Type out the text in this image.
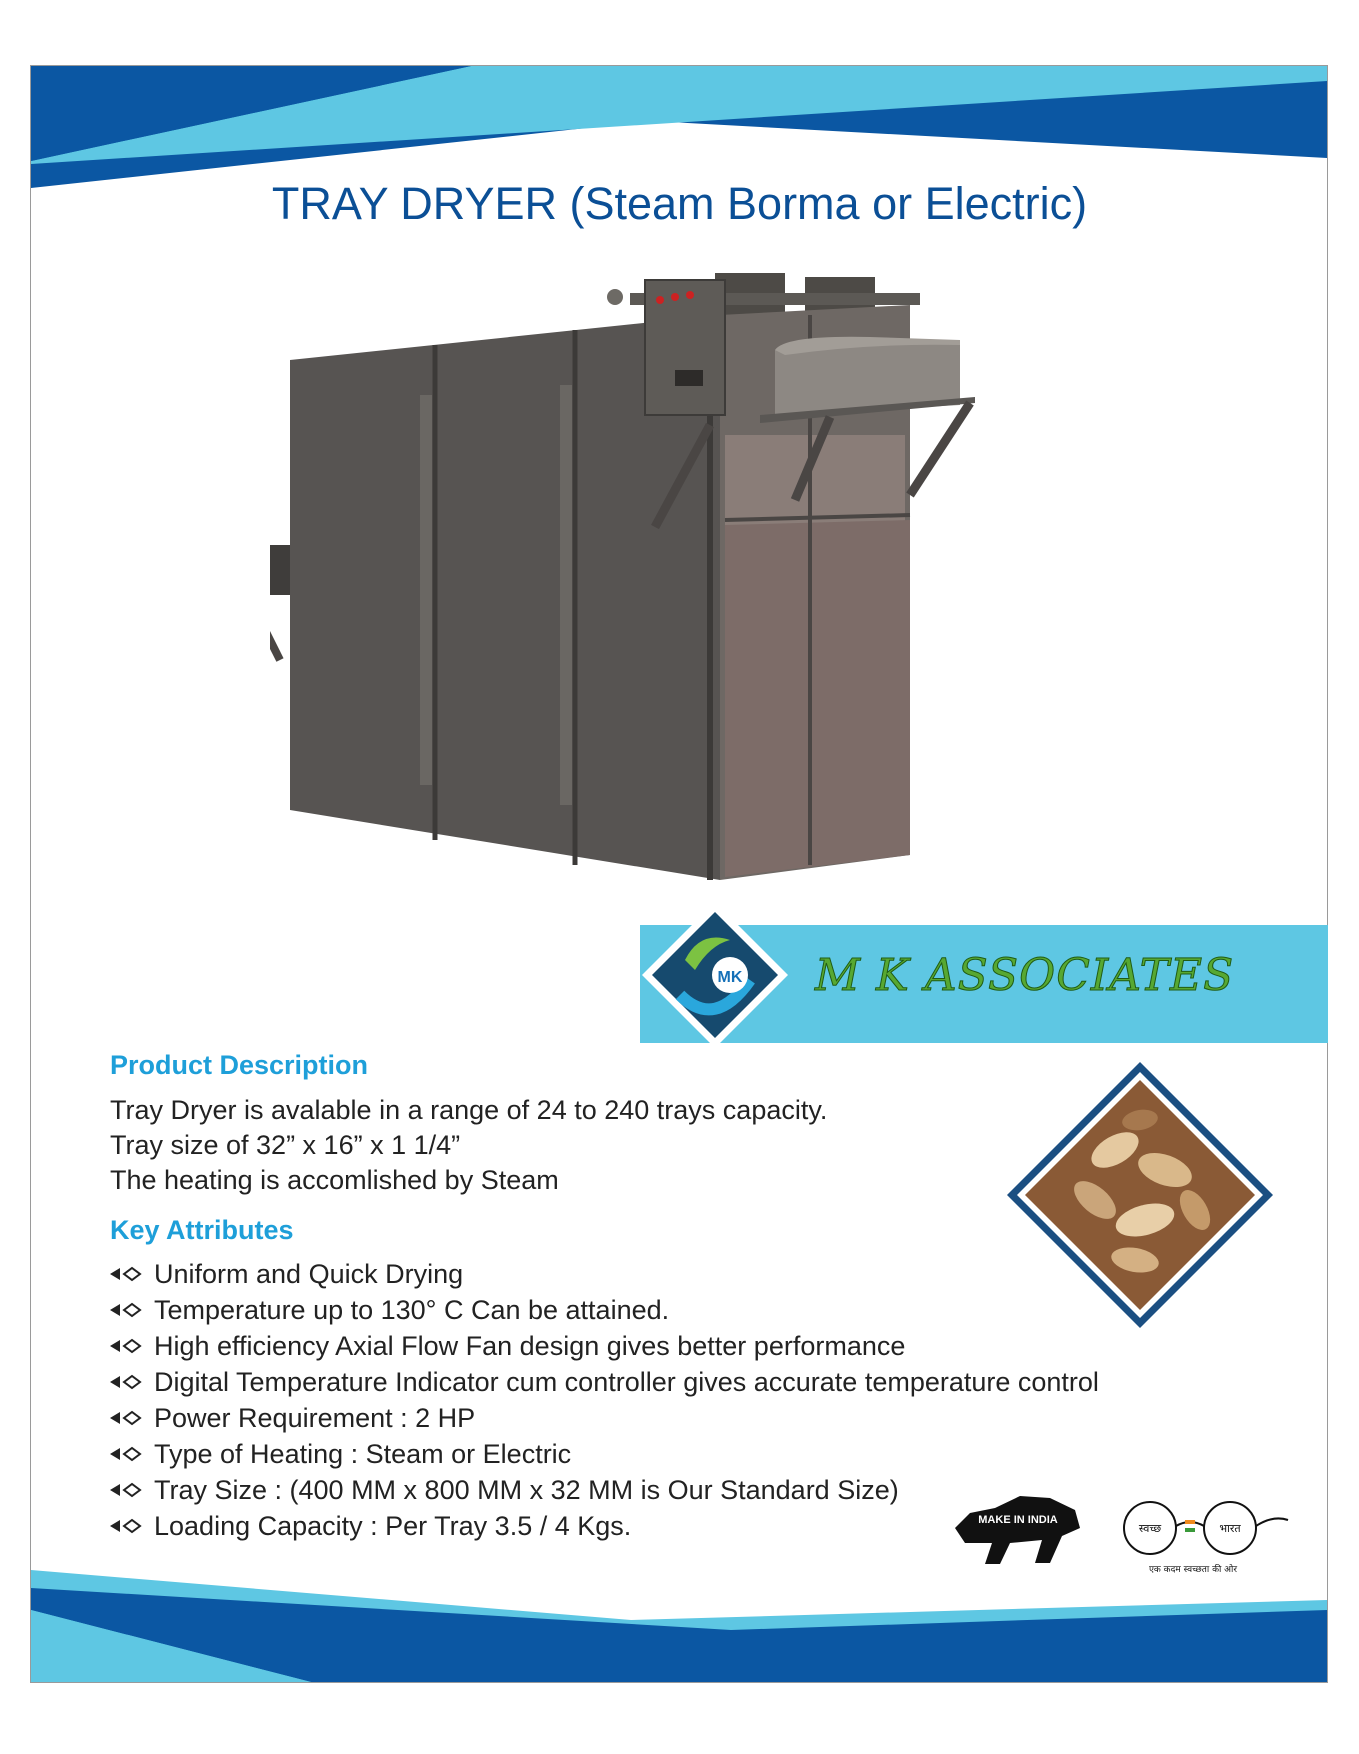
TRAY DRYER (Steam Borma or Electric)
MK M K ASSOCIATES
Product Description
Tray Dryer is avalable in a range of 24 to 240 trays capacity.
Tray size of 32” x 16” x 1 1/4”
The heating is accomlished by Steam
Key Attributes
Uniform and Quick Drying
Temperature up to 130° C Can be attained.
High efficiency Axial Flow Fan design gives better performance
Digital Temperature Indicator cum controller gives accurate temperature control
Power Requirement : 2 HP
Type of Heating : Steam or Electric
Tray Size : (400 MM x 800 MM x 32 MM is Our Standard Size)
Loading Capacity : Per Tray 3.5 / 4 Kgs.	MAKE IN INDIA
स्वच्छ	भारत
एक कदम स्वच्छता की ओर
